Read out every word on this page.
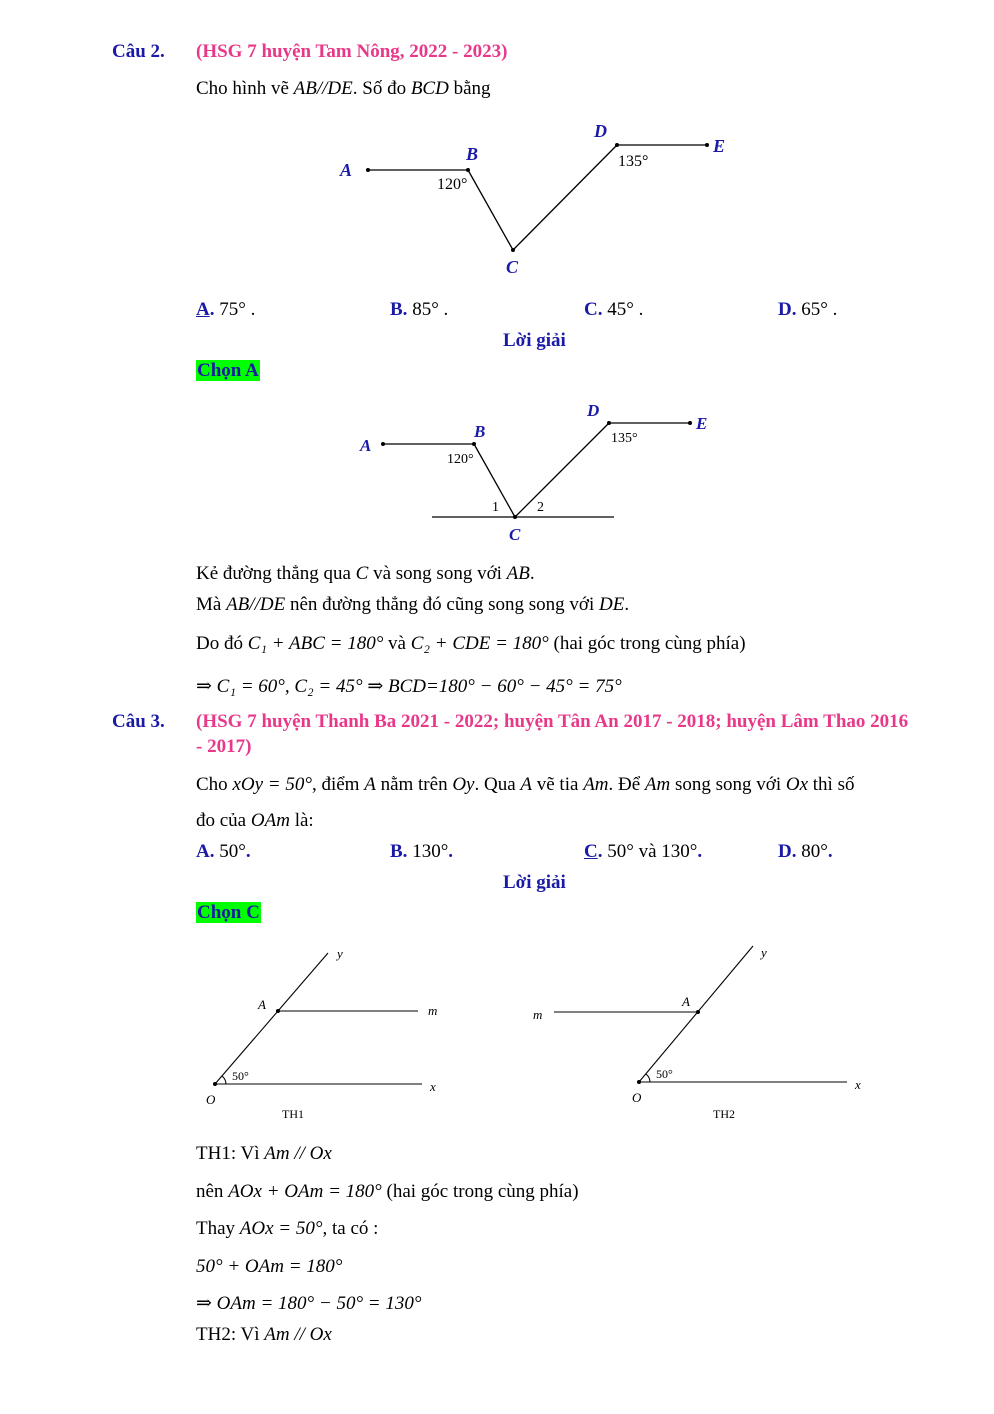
Câu 2. (HSG 7 huyện Tam Nông, 2022 - 2023)
Cho hình vẽ AB//DE. Số đo BCD bằng
A
B
C
D
E
120°
135°
A. 75° .	B. 85° .	C. 45° .	D. 65° .
Lời giải
Chọn A
A
B
C
D
E
120°
135°
1	2
Kẻ đường thẳng qua C và song song với AB.
Mà AB//DE nên đường thẳng đó cũng song song với DE.
Do đó C₁ + ABC = 180° và C₂ + CDE = 180° (hai góc trong cùng phía)
⇒ C₁ = 60°, C₂ = 45° ⇒ BCD=180° − 60° − 45° = 75°
Câu 3. (HSG 7 huyện Thanh Ba 2021 - 2022; huyện Tân An 2017 - 2018; huyện Lâm Thao 2016
- 2017)
Cho xOy = 50°, điểm A nằm trên Oy. Qua A vẽ tia Am. Để Am song song với Ox thì số
đo của OAm là:
A. 50°.	B. 130°.	C. 50° và 130°.	D. 80°.
Lời giải
Chọn C
y
A	m
50°
O
x
TH1
y
A
m
50°
O
x
TH2
TH1: Vì Am // Ox
nên AOx + OAm = 180° (hai góc trong cùng phía)
Thay AOx = 50°, ta có :
50° + OAm = 180°
⇒ OAm = 180° − 50° = 130°
TH2: Vì Am // Ox
